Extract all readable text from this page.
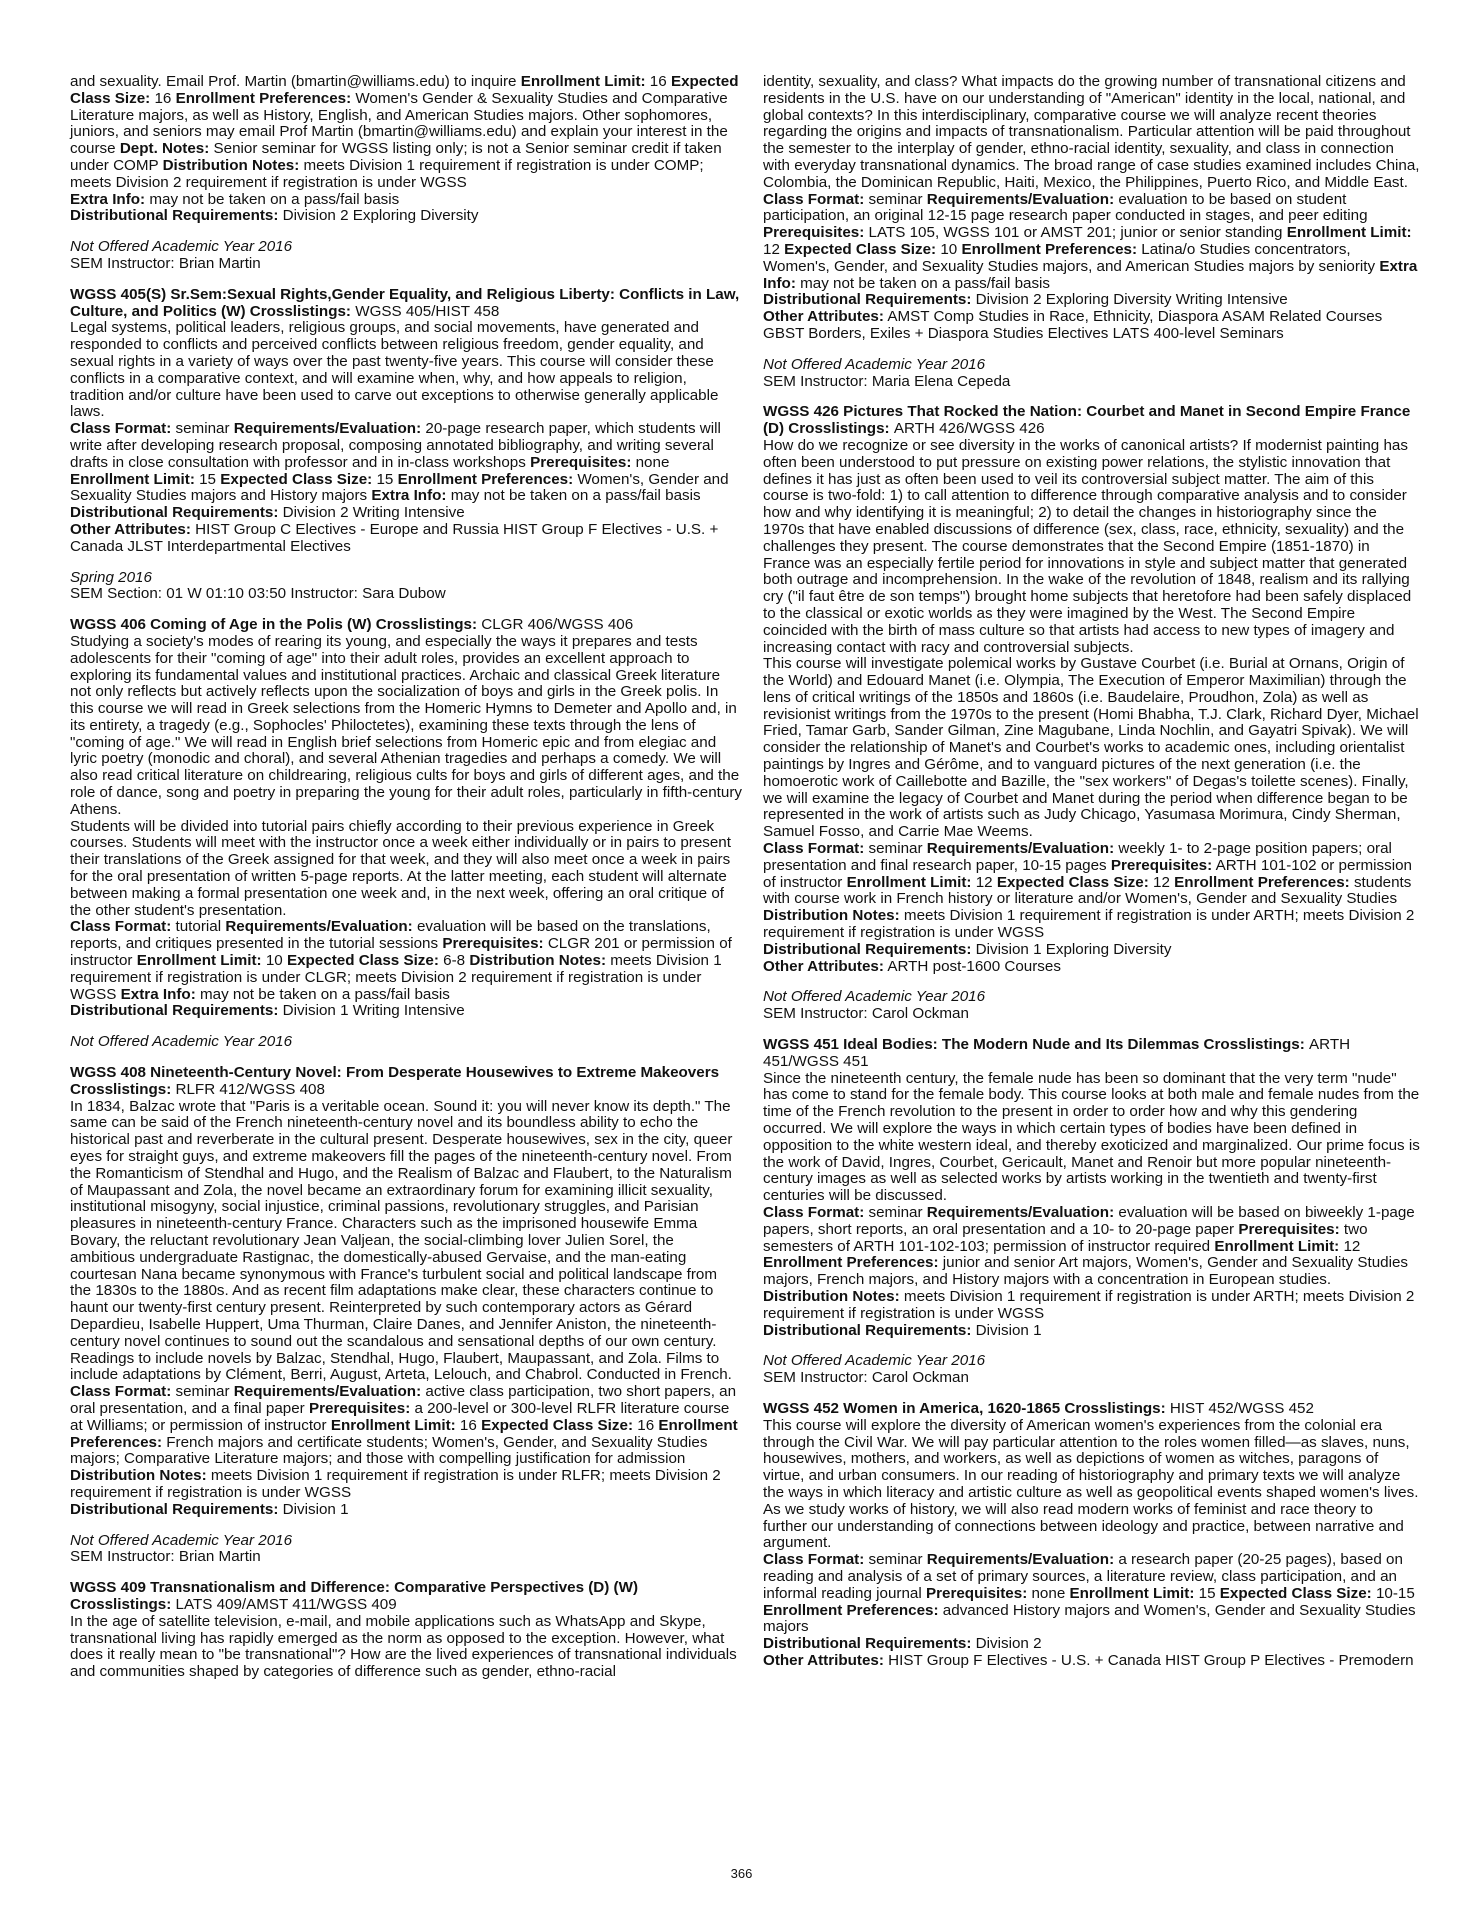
and sexuality. Email Prof. Martin (bmartin@williams.edu) to inquire Enrollment Limit: 16 Expected Class Size: 16 Enrollment Preferences: Women's Gender & Sexuality Studies and Comparative Literature majors, as well as History, English, and American Studies majors. Other sophomores, juniors, and seniors may email Prof Martin (bmartin@williams.edu) and explain your interest in the course Dept. Notes: Senior seminar for WGSS listing only; is not a Senior seminar credit if taken under COMP Distribution Notes: meets Division 1 requirement if registration is under COMP; meets Division 2 requirement if registration is under WGSS
Extra Info: may not be taken on a pass/fail basis
Distributional Requirements: Division 2 Exploring Diversity

Not Offered Academic Year 2016
SEM Instructor: Brian Martin
WGSS 405(S) Sr.Sem:Sexual Rights,Gender Equality, and Religious Liberty: Conflicts in Law, Culture, and Politics (W) Crosslistings: WGSS 405/HIST 458

Legal systems, political leaders, religious groups, and social movements, have generated and responded to conflicts and perceived conflicts between religious freedom, gender equality, and sexual rights in a variety of ways over the past twenty-five years. This course will consider these conflicts in a comparative context, and will examine when, why, and how appeals to religion, tradition and/or culture have been used to carve out exceptions to otherwise generally applicable laws.

Class Format: seminar Requirements/Evaluation: 20-page research paper, which students will write after developing research proposal, composing annotated bibliography, and writing several drafts in close consultation with professor and in in-class workshops Prerequisites: none Enrollment Limit: 15 Expected Class Size: 15 Enrollment Preferences: Women's, Gender and Sexuality Studies majors and History majors Extra Info: may not be taken on a pass/fail basis
Distributional Requirements: Division 2 Writing Intensive
Other Attributes: HIST Group C Electives - Europe and Russia HIST Group F Electives - U.S. + Canada JLST Interdepartmental Electives

Spring 2016
SEM Section: 01 W 01:10 03:50 Instructor: Sara Dubow
WGSS 406 Coming of Age in the Polis (W) Crosslistings: CLGR 406/WGSS 406

Studying a society's modes of rearing its young, and especially the ways it prepares and tests adolescents for their "coming of age" into their adult roles, provides an excellent approach to exploring its fundamental values and institutional practices. Archaic and classical Greek literature not only reflects but actively reflects upon the socialization of boys and girls in the Greek polis. In this course we will read in Greek selections from the Homeric Hymns to Demeter and Apollo and, in its entirety, a tragedy (e.g., Sophocles' Philoctetes), examining these texts through the lens of "coming of age." We will read in English brief selections from Homeric epic and from elegiac and lyric poetry (monodic and choral), and several Athenian tragedies and perhaps a comedy. We will also read critical literature on childrearing, religious cults for boys and girls of different ages, and the role of dance, song and poetry in preparing the young for their adult roles, particularly in fifth-century Athens.

Students will be divided into tutorial pairs chiefly according to their previous experience in Greek courses. Students will meet with the instructor once a week either individually or in pairs to present their translations of the Greek assigned for that week, and they will also meet once a week in pairs for the oral presentation of written 5-page reports. At the latter meeting, each student will alternate between making a formal presentation one week and, in the next week, offering an oral critique of the other student's presentation.

Class Format: tutorial Requirements/Evaluation: evaluation will be based on the translations, reports, and critiques presented in the tutorial sessions Prerequisites: CLGR 201 or permission of instructor Enrollment Limit: 10 Expected Class Size: 6-8 Distribution Notes: meets Division 1 requirement if registration is under CLGR; meets Division 2 requirement if registration is under WGSS Extra Info: may not be taken on a pass/fail basis
Distributional Requirements: Division 1 Writing Intensive

Not Offered Academic Year 2016
WGSS 408 Nineteenth-Century Novel: From Desperate Housewives to Extreme Makeovers Crosslistings: RLFR 412/WGSS 408

In 1834, Balzac wrote that "Paris is a veritable ocean. Sound it: you will never know its depth." The same can be said of the French nineteenth-century novel and its boundless ability to echo the historical past and reverberate in the cultural present. Desperate housewives, sex in the city, queer eyes for straight guys, and extreme makeovers fill the pages of the nineteenth-century novel. From the Romanticism of Stendhal and Hugo, and the Realism of Balzac and Flaubert, to the Naturalism of Maupassant and Zola, the novel became an extraordinary forum for examining illicit sexuality, institutional misogyny, social injustice, criminal passions, revolutionary struggles, and Parisian pleasures in nineteenth-century France. Characters such as the imprisoned housewife Emma Bovary, the reluctant revolutionary Jean Valjean, the social-climbing lover Julien Sorel, the ambitious undergraduate Rastignac, the domestically-abused Gervaise, and the man-eating courtesan Nana became synonymous with France's turbulent social and political landscape from the 1830s to the 1880s. And as recent film adaptations make clear, these characters continue to haunt our twenty-first century present. Reinterpreted by such contemporary actors as Gérard Depardieu, Isabelle Huppert, Uma Thurman, Claire Danes, and Jennifer Aniston, the nineteenth-century novel continues to sound out the scandalous and sensational depths of our own century. Readings to include novels by Balzac, Stendhal, Hugo, Flaubert, Maupassant, and Zola. Films to include adaptations by Clément, Berri, August, Arteta, Lelouch, and Chabrol. Conducted in French.

Class Format: seminar Requirements/Evaluation: active class participation, two short papers, an oral presentation, and a final paper Prerequisites: a 200-level or 300-level RLFR literature course at Williams; or permission of instructor Enrollment Limit: 16 Expected Class Size: 16 Enrollment Preferences: French majors and certificate students; Women's, Gender, and Sexuality Studies majors; Comparative Literature majors; and those with compelling justification for admission Distribution Notes: meets Division 1 requirement if registration is under RLFR; meets Division 2 requirement if registration is under WGSS
Distributional Requirements: Division 1

Not Offered Academic Year 2016
SEM Instructor: Brian Martin
WGSS 409 Transnationalism and Difference: Comparative Perspectives (D) (W) Crosslistings: LATS 409/AMST 411/WGSS 409

In the age of satellite television, e-mail, and mobile applications such as WhatsApp and Skype, transnational living has rapidly emerged as the norm as opposed to the exception. However, what does it really mean to "be transnational"? How are the lived experiences of transnational individuals and communities shaped by categories of difference such as gender, ethno-racial

identity, sexuality, and class? What impacts do the growing number of transnational citizens and residents in the U.S. have on our understanding of "American" identity in the local, national, and global contexts? In this interdisciplinary, comparative course we will analyze recent theories regarding the origins and impacts of transnationalism. Particular attention will be paid throughout the semester to the interplay of gender, ethno-racial identity, sexuality, and class in connection with everyday transnational dynamics. The broad range of case studies examined includes China, Colombia, the Dominican Republic, Haiti, Mexico, the Philippines, Puerto Rico, and Middle East.

Class Format: seminar Requirements/Evaluation: evaluation to be based on student participation, an original 12-15 page research paper conducted in stages, and peer editing Prerequisites: LATS 105, WGSS 101 or AMST 201; junior or senior standing Enrollment Limit: 12 Expected Class Size: 10 Enrollment Preferences: Latina/o Studies concentrators, Women's, Gender, and Sexuality Studies majors, and American Studies majors by seniority Extra Info: may not be taken on a pass/fail basis
Distributional Requirements: Division 2 Exploring Diversity Writing Intensive
Other Attributes: AMST Comp Studies in Race, Ethnicity, Diaspora ASAM Related Courses GBST Borders, Exiles + Diaspora Studies Electives LATS 400-level Seminars

Not Offered Academic Year 2016
SEM Instructor: Maria Elena Cepeda
WGSS 426 Pictures That Rocked the Nation: Courbet and Manet in Second Empire France (D) Crosslistings: ARTH 426/WGSS 426

How do we recognize or see diversity in the works of canonical artists? If modernist painting has often been understood to put pressure on existing power relations, the stylistic innovation that defines it has just as often been used to veil its controversial subject matter. The aim of this course is two-fold: 1) to call attention to difference through comparative analysis and to consider how and why identifying it is meaningful; 2) to detail the changes in historiography since the 1970s that have enabled discussions of difference (sex, class, race, ethnicity, sexuality) and the challenges they present. The course demonstrates that the Second Empire (1851-1870) in France was an especially fertile period for innovations in style and subject matter that generated both outrage and incomprehension. In the wake of the revolution of 1848, realism and its rallying cry ("il faut être de son temps") brought home subjects that heretofore had been safely displaced to the classical or exotic worlds as they were imagined by the West. The Second Empire coincided with the birth of mass culture so that artists had access to new types of imagery and increasing contact with racy and controversial subjects.

This course will investigate polemical works by Gustave Courbet (i.e. Burial at Ornans, Origin of the World) and Edouard Manet (i.e. Olympia, The Execution of Emperor Maximilian) through the lens of critical writings of the 1850s and 1860s (i.e. Baudelaire, Proudhon, Zola) as well as revisionist writings from the 1970s to the present (Homi Bhabha, T.J. Clark, Richard Dyer, Michael Fried, Tamar Garb, Sander Gilman, Zine Magubane, Linda Nochlin, and Gayatri Spivak). We will consider the relationship of Manet's and Courbet's works to academic ones, including orientalist paintings by Ingres and Gérôme, and to vanguard pictures of the next generation (i.e. the homoerotic work of Caillebotte and Bazille, the "sex workers" of Degas's toilette scenes). Finally, we will examine the legacy of Courbet and Manet during the period when difference began to be represented in the work of artists such as Judy Chicago, Yasumasa Morimura, Cindy Sherman, Samuel Fosso, and Carrie Mae Weems.

Class Format: seminar Requirements/Evaluation: weekly 1- to 2-page position papers; oral presentation and final research paper, 10-15 pages Prerequisites: ARTH 101-102 or permission of instructor Enrollment Limit: 12 Expected Class Size: 12 Enrollment Preferences: students with course work in French history or literature and/or Women's, Gender and Sexuality Studies Distribution Notes: meets Division 1 requirement if registration is under ARTH; meets Division 2 requirement if registration is under WGSS
Distributional Requirements: Division 1 Exploring Diversity
Other Attributes: ARTH post-1600 Courses

Not Offered Academic Year 2016
SEM Instructor: Carol Ockman
WGSS 451 Ideal Bodies: The Modern Nude and Its Dilemmas Crosslistings: ARTH 451/WGSS 451

Since the nineteenth century, the female nude has been so dominant that the very term "nude" has come to stand for the female body. This course looks at both male and female nudes from the time of the French revolution to the present in order to order how and why this gendering occurred. We will explore the ways in which certain types of bodies have been defined in opposition to the white western ideal, and thereby exoticized and marginalized. Our prime focus is the work of David, Ingres, Courbet, Gericault, Manet and Renoir but more popular nineteenth-century images as well as selected works by artists working in the twentieth and twenty-first centuries will be discussed.

Class Format: seminar Requirements/Evaluation: evaluation will be based on biweekly 1-page papers, short reports, an oral presentation and a 10- to 20-page paper Prerequisites: two semesters of ARTH 101-102-103; permission of instructor required Enrollment Limit: 12
Enrollment Preferences: junior and senior Art majors, Women's, Gender and Sexuality Studies majors, French majors, and History majors with a concentration in European studies.
Distribution Notes: meets Division 1 requirement if registration is under ARTH; meets Division 2 requirement if registration is under WGSS
Distributional Requirements: Division 1

Not Offered Academic Year 2016
SEM Instructor: Carol Ockman
WGSS 452 Women in America, 1620-1865 Crosslistings: HIST 452/WGSS 452

This course will explore the diversity of American women's experiences from the colonial era through the Civil War. We will pay particular attention to the roles women filled—as slaves, nuns, housewives, mothers, and workers, as well as depictions of women as witches, paragons of virtue, and urban consumers. In our reading of historiography and primary texts we will analyze the ways in which literacy and artistic culture as well as geopolitical events shaped women's lives. As we study works of history, we will also read modern works of feminist and race theory to further our understanding of connections between ideology and practice, between narrative and argument.

Class Format: seminar Requirements/Evaluation: a research paper (20-25 pages), based on reading and analysis of a set of primary sources, a literature review, class participation, and an informal reading journal Prerequisites: none Enrollment Limit: 15 Expected Class Size: 10-15 Enrollment Preferences: advanced History majors and Women's, Gender and Sexuality Studies majors
Distributional Requirements: Division 2
Other Attributes: HIST Group F Electives - U.S. + Canada HIST Group P Electives - Premodern

366
